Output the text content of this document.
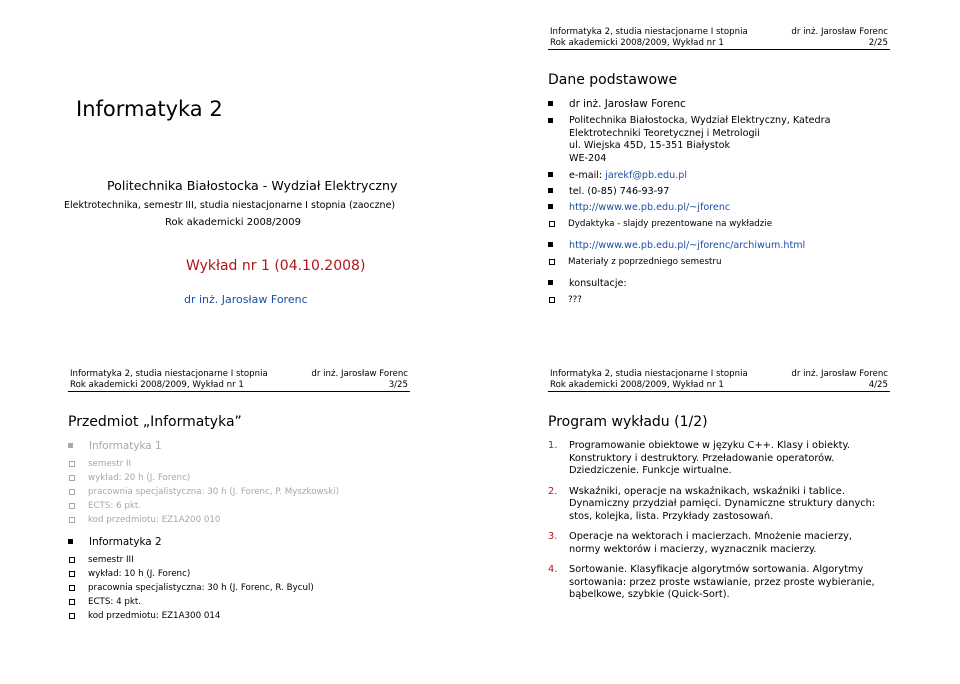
Informatyka 2
Politechnika Białostocka - Wydział Elektryczny
Elektrotechnika, semestr III, studia niestacjonarne I stopnia (zaoczne)
Rok akademicki 2008/2009
Wykład nr 1 (04.10.2008)
dr inż. Jarosław Forenc
Informatyka 2, studia niestacjonarne I stopnia	dr inż. Jarosław Forenc
Rok akademicki 2008/2009, Wykład nr 1	2/25
Dane podstawowe
dr inż. Jarosław Forenc
Politechnika Białostocka, Wydział Elektryczny, Katedra Elektrotechniki Teoretycznej i Metrologii
ul. Wiejska 45D, 15-351 Białystok
WE-204
e-mail: jarekf@pb.edu.pl
tel. (0-85) 746-93-97
http://www.we.pb.edu.pl/~jforenc
Dydaktyka - slajdy prezentowane na wykładzie
http://www.we.pb.edu.pl/~jforenc/archiwum.html
Materiały z poprzedniego semestru
konsultacje:
???
Informatyka 2, studia niestacjonarne I stopnia	dr inż. Jarosław Forenc
Rok akademicki 2008/2009, Wykład nr 1	3/25
Przedmiot „Informatyka”
Informatyka 1
semestr II
wykład: 20 h (J. Forenc)
pracownia specjalistyczna: 30 h (J. Forenc, P. Myszkowski)
ECTS: 6 pkt.
kod przedmiotu: EZ1A200 010
Informatyka 2
semestr III
wykład: 10 h (J. Forenc)
pracownia specjalistyczna: 30 h (J. Forenc, R. Bycul)
ECTS: 4 pkt.
kod przedmiotu: EZ1A300 014
Informatyka 2, studia niestacjonarne I stopnia	dr inż. Jarosław Forenc
Rok akademicki 2008/2009, Wykład nr 1	4/25
Program wykładu (1/2)
1. Programowanie obiektowe w języku C++. Klasy i obiekty. Konstruktory i destruktory. Przeładowanie operatorów. Dziedziczenie. Funkcje wirtualne.
2. Wskaźniki, operacje na wskaźnikach, wskaźniki i tablice. Dynamiczny przydział pamięci. Dynamiczne struktury danych: stos, kolejka, lista. Przykłady zastosowań.
3. Operacje na wektorach i macierzach. Mnożenie macierzy, normy wektorów i macierzy, wyznacznik macierzy.
4. Sortowanie. Klasyfikacje algorytmów sortowania. Algorytmy sortowania: przez proste wstawianie, przez proste wybieranie, bąbelkowe, szybkie (Quick-Sort).
